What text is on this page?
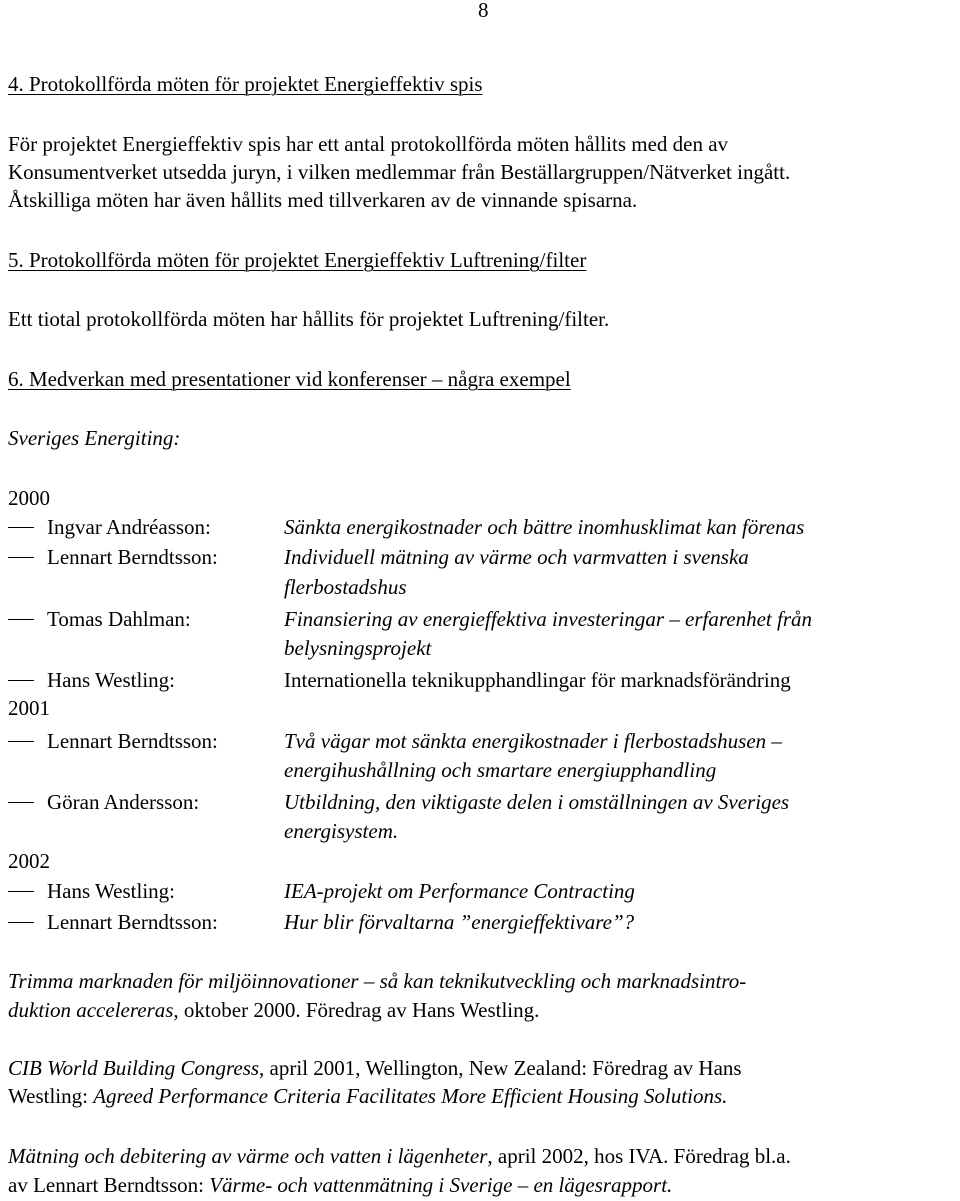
8
4. Protokollförda möten för projektet Energieffektiv spis
För projektet Energieffektiv spis har ett antal protokollförda möten hållits med den av
Konsumentverket utsedda juryn, i vilken medlemmar från Beställargruppen/Nätverket ingått.
Åtskilliga möten har även hållits med tillverkaren av de vinnande spisarna.
5. Protokollförda möten för projektet Energieffektiv Luftrening/filter
Ett tiotal protokollförda möten har hållits för projektet Luftrening/filter.
6. Medverkan med presentationer vid konferenser – några exempel
Sveriges Energiting:
2000
Ingvar Andréasson:	Sänkta energikostnader och bättre inomhusklimat kan förenas
Lennart Berndtsson:	Individuell mätning av värme och varmvatten i svenska
flerbostadshus
Tomas Dahlman:	Finansiering av energieffektiva investeringar – erfarenhet från
belysningsprojekt
Hans Westling:	Internationella teknikupphandlingar för marknadsförändring
2001
Lennart Berndtsson:	Två vägar mot sänkta energikostnader i flerbostadshusen –
energihushållning och smartare energiupphandling
Göran Andersson:	Utbildning, den viktigaste delen i omställningen av Sveriges
energisystem.
2002
Hans Westling:	IEA-projekt om Performance Contracting
Lennart Berndtsson:	Hur blir förvaltarna ”energieffektivare”?
Trimma marknaden för miljöinnovationer – så kan teknikutveckling och marknadsintro-
duktion accelereras, oktober 2000. Föredrag av Hans Westling.
CIB World Building Congress, april 2001, Wellington, New Zealand: Föredrag av Hans
Westling: Agreed Performance Criteria Facilitates More Efficient Housing Solutions.
Mätning och debitering av värme och vatten i lägenheter, april 2002, hos IVA. Föredrag bl.a.
av Lennart Berndtsson: Värme- och vattenmätning i Sverige – en lägesrapport.
